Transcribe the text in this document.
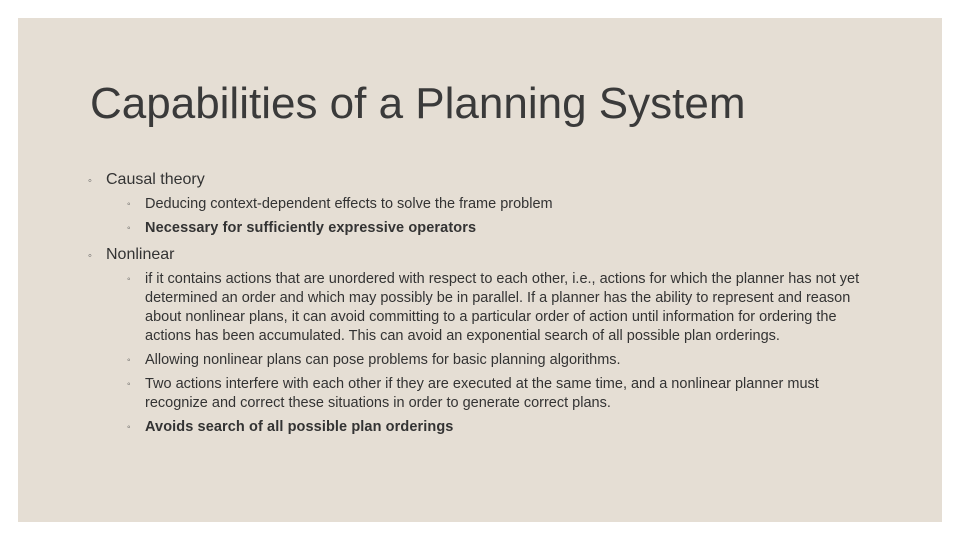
Capabilities of a Planning System
◦ Causal theory
◦ Deducing context-dependent effects to solve the frame problem
◦ Necessary for sufficiently expressive operators
◦ Nonlinear
◦ if it contains actions that are unordered with respect to each other, i.e., actions for which the planner has not yet determined an order and which may possibly be in parallel. If a planner has the ability to represent and reason about nonlinear plans, it can avoid committing to a particular order of action until information for ordering the actions has been accumulated. This can avoid an exponential search of all possible plan orderings.
◦ Allowing nonlinear plans can pose problems for basic planning algorithms.
◦ Two actions interfere with each other if they are executed at the same time, and a nonlinear planner must recognize and correct these situations in order to generate correct plans.
◦ Avoids search of all possible plan orderings
